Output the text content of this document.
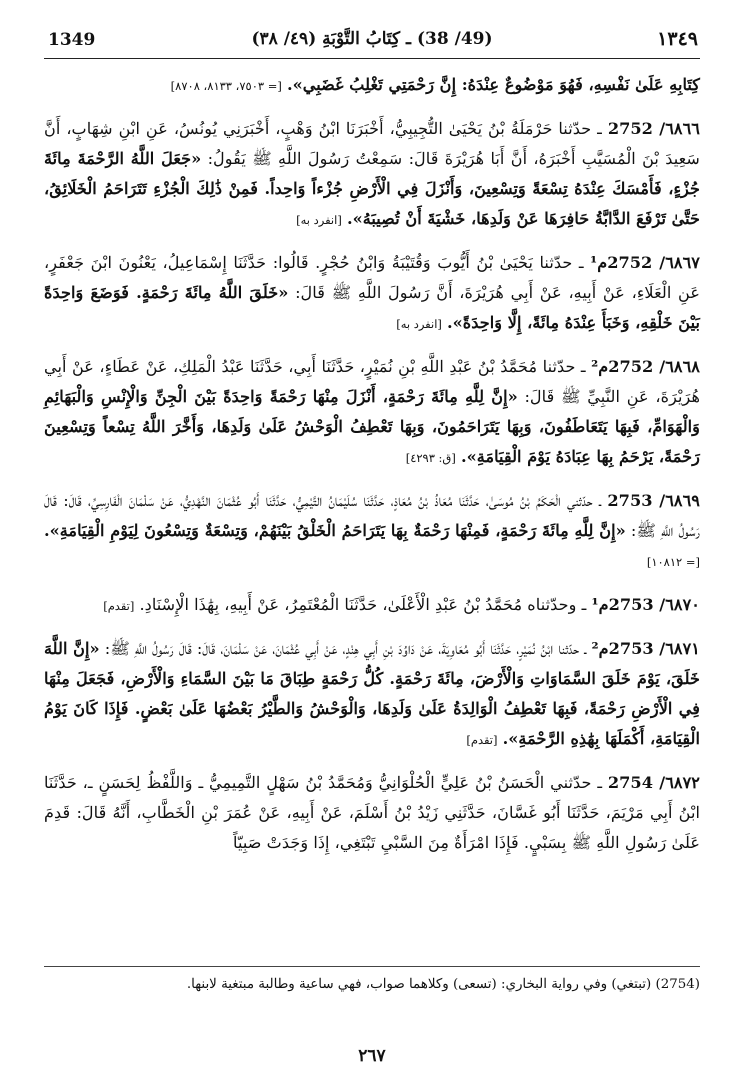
1349	(49/ 38) ـ كِتَابُ التَّوْبَةِ (٤٩/ ٣٨)	١٣٤٩

كِتَابِهِ عَلَىٰ نَفْسِهِ، فَهُوَ مَوْضُوعٌ عِنْدَهُ: إِنَّ رَحْمَتِي تَغْلِبُ غَضَبِي». [= ٧٥٠٣، ٨١٣٣، ٨٧٠٨]

٦٨٦٦/ 2752 ـ حدّثنا حَرْمَلَةُ بْنُ يَحْيَىٰ التُّجِيبِيُّ، أَخْبَرَنَا ابْنُ وَهْبٍ، أَخْبَرَنِي يُونُسُ، عَنِ ابْنِ شِهَابٍ، أَنَّ سَعِيدَ بْنَ الْمُسَيَّبِ أَخْبَرَهُ، أَنَّ أَبَا هُرَيْرَةَ قَالَ: سَمِعْتُ رَسُولَ اللَّهِ ﷺ يَقُولُ: «جَعَلَ اللَّهُ الرَّحْمَةَ مِائَةَ جُزْءٍ، فَأَمْسَكَ عِنْدَهُ تِسْعَةً وَتِسْعِينَ، وَأَنْزَلَ فِي الْأَرْضِ جُزْءاً وَاحِداً. فَمِنْ ذَٰلِكَ الْجُزْءِ تَتَرَاحَمُ الْخَلَائِقُ، حَتَّىٰ تَرْفَعَ الدَّابَّةُ حَافِرَهَا عَنْ وَلَدِهَا، خَشْيَةَ أَنْ تُصِيبَهُ». [انفرد به]

٦٨٦٧/ 2752م¹ ـ حدّثنا يَحْيَىٰ بْنُ أَيُّوبَ وَقُتَيْبَةُ وَابْنُ حُجْرٍ. قَالُوا: حَدَّثَنَا إِسْمَاعِيلُ، يَعْنُونَ ابْنَ جَعْفَرٍ، عَنِ الْعَلَاءِ، عَنْ أَبِيهِ، عَنْ أَبِي هُرَيْرَةَ، أَنَّ رَسُولَ اللَّهِ ﷺ قَالَ: «خَلَقَ اللَّهُ مِائَةَ رَحْمَةٍ. فَوَضَعَ وَاحِدَةً بَيْنَ خَلْقِهِ، وَخَبَأَ عِنْدَهُ مِائَةً، إِلَّا وَاحِدَةً». [انفرد به]

٦٨٦٨/ 2752م² ـ حدّثنا مُحَمَّدُ بْنُ عَبْدِ اللَّهِ بْنِ نُمَيْرٍ، حَدَّثَنَا أَبِي، حَدَّثَنَا عَبْدُ الْمَلِكِ، عَنْ عَطَاءٍ، عَنْ أَبِي هُرَيْرَةَ، عَنِ النَّبِيِّ ﷺ قَالَ: «إِنَّ لِلَّهِ مِائَةَ رَحْمَةٍ، أَنْزَلَ مِنْهَا رَحْمَةً وَاحِدَةً بَيْنَ الْجِنِّ وَالْإِنْسِ وَالْبَهَائِمِ وَالْهَوَامِّ، فَبِهَا يَتَعَاطَفُونَ، وَبِهَا يَتَرَاحَمُونَ، وَبِهَا تَعْطِفُ الْوَحْشُ عَلَىٰ وَلَدِهَا، وَأَخَّرَ اللَّهُ تِسْعاً وَتِسْعِينَ رَحْمَةً، يَرْحَمُ بِهَا عِبَادَهُ يَوْمَ الْقِيَامَةِ». [ق: ٤٢٩٣]

٦٨٦٩/ 2753 ـ حدّثني الْحَكَمُ بْنُ مُوسَىٰ، حَدَّثَنَا مُعَاذُ بْنُ مُعَاذٍ، حَدَّثَنَا سُلَيْمَانُ التَّيْمِيُّ، حَدَّثَنَا أَبُو عُثْمَانَ النَّهْدِيُّ، عَنْ سَلْمَانَ الْفَارِسِيِّ، قَالَ: قَالَ رَسُولُ اللَّهِ ﷺ: «إِنَّ لِلَّهِ مِائَةَ رَحْمَةٍ، فَمِنْهَا رَحْمَةٌ بِهَا يَتَرَاحَمُ الْخَلْقُ بَيْنَهُمْ، وَتِسْعَةٌ وَتِسْعُونَ لِيَوْمِ الْقِيَامَةِ». [= ١٠٨١٢]

٦٨٧٠/ 2753م¹ ـ وحدّثناه مُحَمَّدُ بْنُ عَبْدِ الْأَعْلَىٰ، حَدَّثَنَا الْمُعْتَمِرُ، عَنْ أَبِيهِ، بِهَٰذَا الْإِسْنَادِ. [تقدم]

٦٨٧١/ 2753م² ـ حدّثنا ابْنُ نُمَيْرٍ، حَدَّثَنَا أَبُو مُعَاوِيَةَ، عَنْ دَاوُدَ بْنِ أَبِي هِنْدٍ، عَنْ أَبِي عُثْمَانَ، عَنْ سَلْمَانَ، قَالَ: قَالَ رَسُولُ اللَّهِ ﷺ: «إِنَّ اللَّهَ خَلَقَ، يَوْمَ خَلَقَ السَّمَاوَاتِ وَالْأَرْضَ، مِائَةَ رَحْمَةٍ. كُلُّ رَحْمَةٍ طِبَاقَ مَا بَيْنَ السَّمَاءِ وَالْأَرْضِ، فَجَعَلَ مِنْهَا فِي الْأَرْضِ رَحْمَةً، فَبِهَا تَعْطِفُ الْوَالِدَةُ عَلَىٰ وَلَدِهَا، وَالْوَحْشُ وَالطَّيْرُ بَعْضُهَا عَلَىٰ بَعْضٍ. فَإِذَا كَانَ يَوْمُ الْقِيَامَةِ، أَكْمَلَهَا بِهَٰذِهِ الرَّحْمَةِ». [تقدم]

٦٨٧٢/ 2754 ـ حدّثني الْحَسَنُ بْنُ عَلِيٍّ الْحُلْوَانِيُّ وَمُحَمَّدُ بْنُ سَهْلٍ التَّمِيمِيُّ ـ وَاللَّفْظُ لِحَسَنٍ ـ، حَدَّثَنَا ابْنُ أَبِي مَرْيَمَ، حَدَّثَنَا أَبُو غَسَّانَ، حَدَّثَنِي زَيْدُ بْنُ أَسْلَمَ، عَنْ أَبِيهِ، عَنْ عُمَرَ بْنِ الْخَطَّابِ، أَنَّهُ قَالَ: قَدِمَ عَلَىٰ رَسُولِ اللَّهِ ﷺ بِسَبْيٍ. فَإِذَا امْرَأَةٌ مِنَ السَّبْيِ تَبْتَغِي، إِذَا وَجَدَتْ صَبِيّاً

(2754) (تبتغي) وفي رواية البخاري: (تسعى) وكلاهما صواب، فهي ساعية وطالبة مبتغية لابنها.
٢٦٧
